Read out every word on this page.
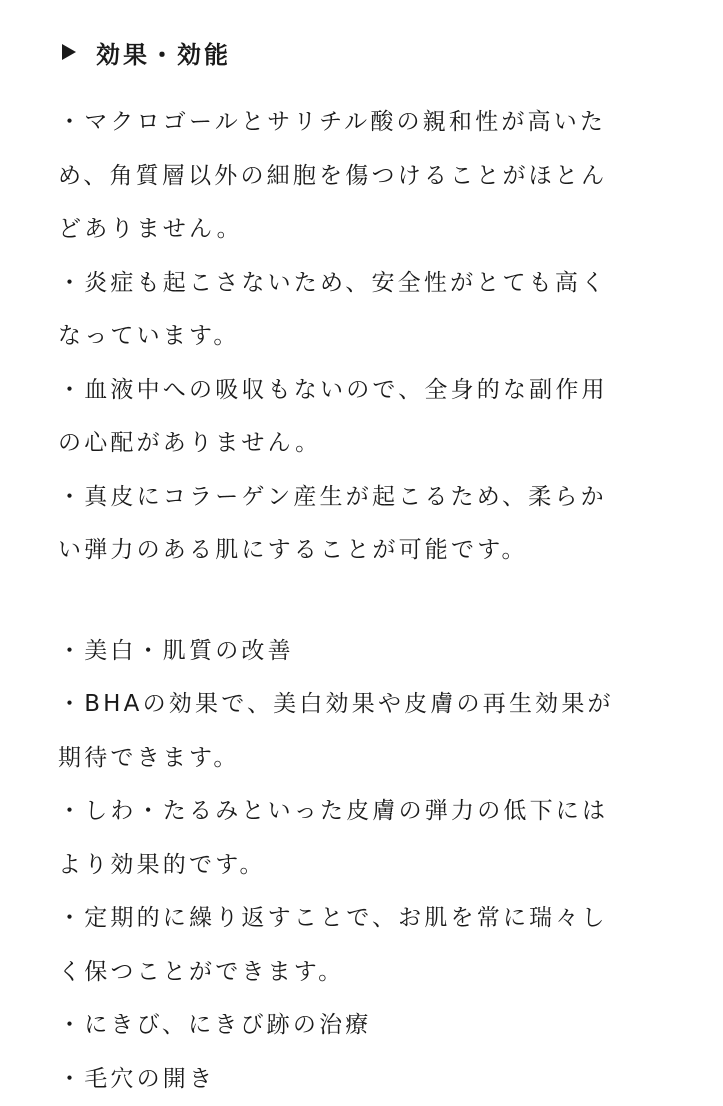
効果・効能
・マクロゴールとサリチル酸の親和性が高いた
め、角質層以外の細胞を傷つけることがほとん
どありません。
・炎症も起こさないため、安全性がとても高く
なっています。
・血液中への吸収もないので、全身的な副作用
の心配がありません。
・真皮にコラーゲン産生が起こるため、柔らか
い弾力のある肌にすることが可能です。
・美白・肌質の改善
・BHAの効果で、美白効果や皮膚の再生効果が
期待できます。
・しわ・たるみといった皮膚の弾力の低下には
より効果的です。
・定期的に繰り返すことで、お肌を常に瑞々し
く保つことができます。
・にきび、にきび跡の治療
・毛穴の開き
